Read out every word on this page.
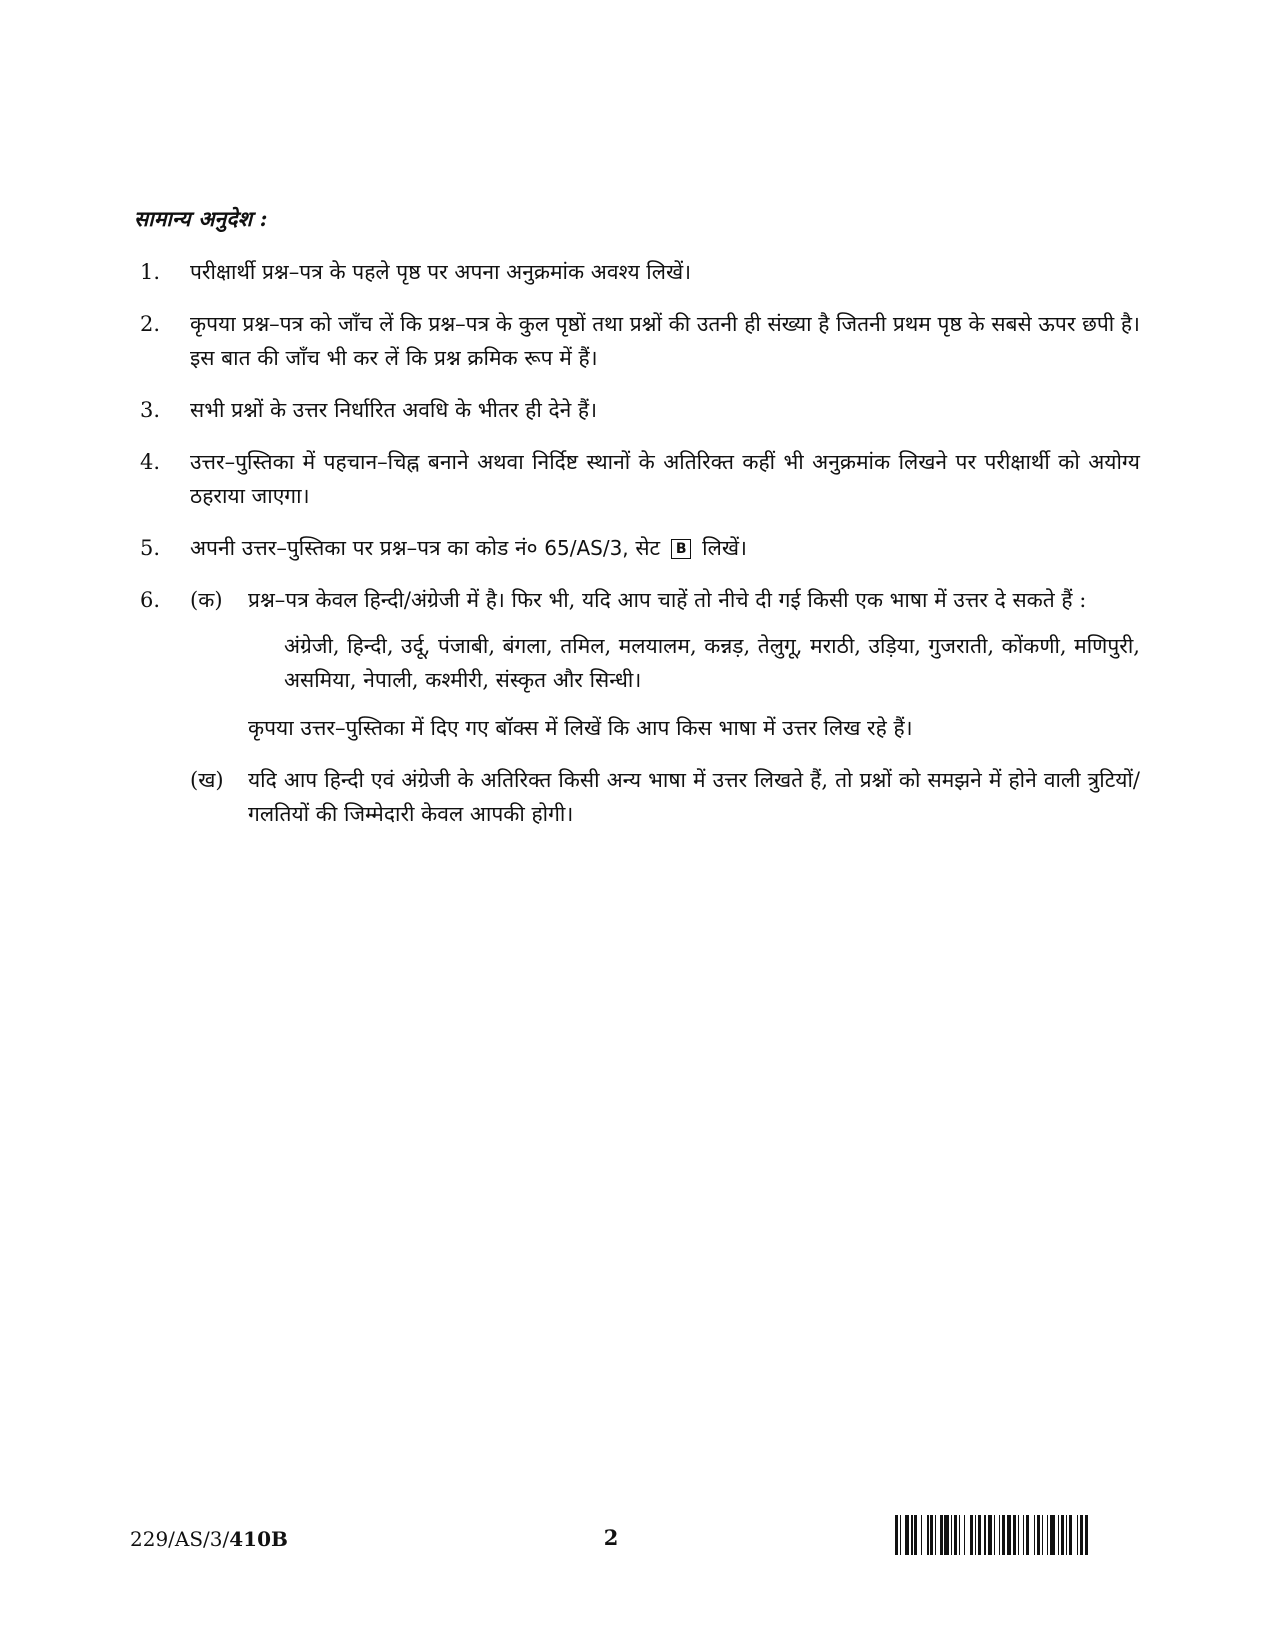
सामान्य अनुदेश :
1.	परीक्षार्थी प्रश्न–पत्र के पहले पृष्ठ पर अपना अनुक्रमांक अवश्य लिखें।
2.	कृपया प्रश्न–पत्र को जाँच लें कि प्रश्न–पत्र के कुल पृष्ठों तथा प्रश्नों की उतनी ही संख्या है जितनी प्रथम पृष्ठ के सबसे ऊपर छपी है। इस बात की जाँच भी कर लें कि प्रश्न क्रमिक रूप में हैं।
3.	सभी प्रश्नों के उत्तर निर्धारित अवधि के भीतर ही देने हैं।
4.	उत्तर–पुस्तिका में पहचान–चिह्न बनाने अथवा निर्दिष्ट स्थानों के अतिरिक्त कहीं भी अनुक्रमांक लिखने पर परीक्षार्थी को अयोग्य ठहराया जाएगा।
5.	अपनी उत्तर–पुस्तिका पर प्रश्न–पत्र का कोड नं० 65/AS/3, सेट B लिखें।
6.	(क)	प्रश्न–पत्र केवल हिन्दी/अंग्रेजी में है। फिर भी, यदि आप चाहें तो नीचे दी गई किसी एक भाषा में उत्तर दे सकते हैं :
अंग्रेजी, हिन्दी, उर्दू, पंजाबी, बंगला, तमिल, मलयालम, कन्नड़, तेलुगू, मराठी, उड़िया, गुजराती, कोंकणी, मणिपुरी, असमिया, नेपाली, कश्मीरी, संस्कृत और सिन्धी।
कृपया उत्तर–पुस्तिका में दिए गए बॉक्स में लिखें कि आप किस भाषा में उत्तर लिख रहे हैं।
(ख)	यदि आप हिन्दी एवं अंग्रेजी के अतिरिक्त किसी अन्य भाषा में उत्तर लिखते हैं, तो प्रश्नों को समझने में होने वाली त्रुटियों/गलतियों की जिम्मेदारी केवल आपकी होगी।
229/AS/3/410B	2
